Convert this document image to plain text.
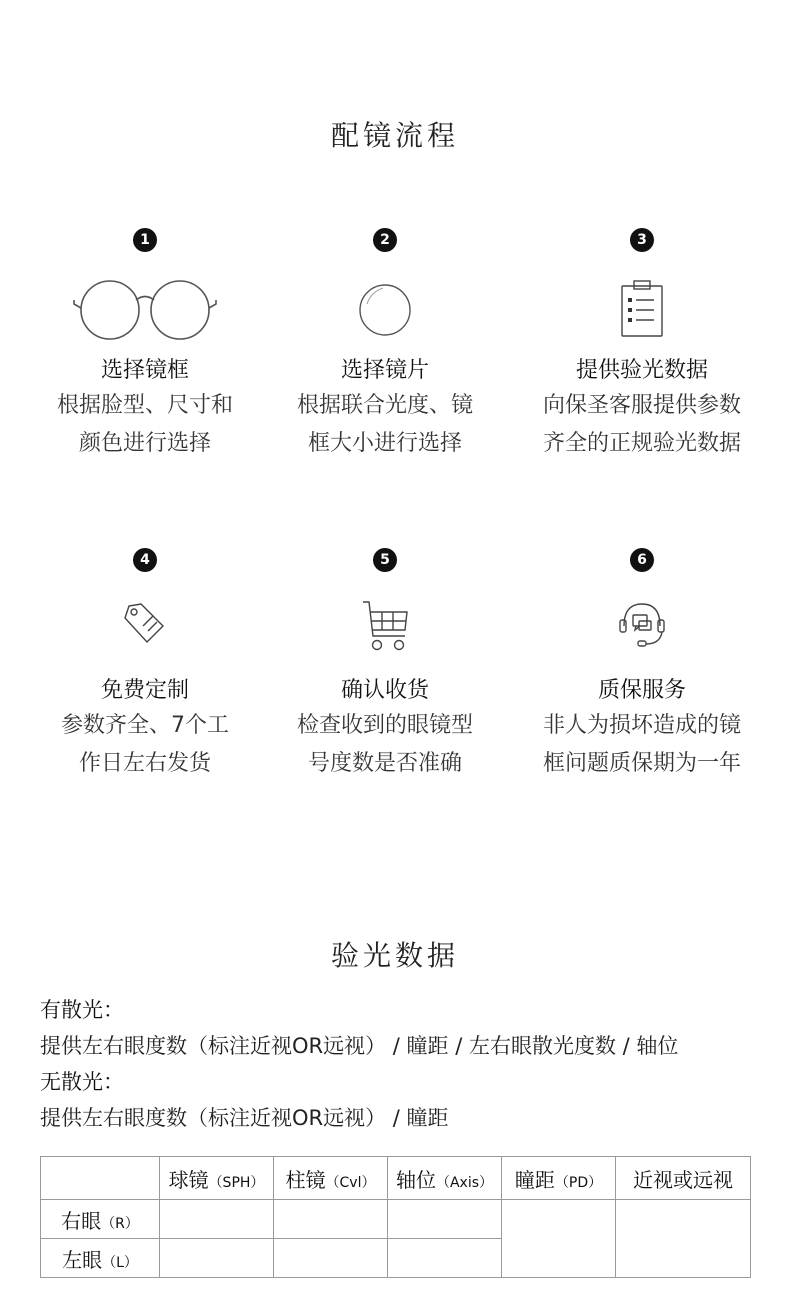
配镜流程
1
选择镜框
根据脸型、尺寸和
颜色进行选择
2
选择镜片
根据联合光度、镜
框大小进行选择
3
提供验光数据
向保圣客服提供参数
齐全的正规验光数据
4
免费定制
参数齐全、7个工
作日左右发货
5
确认收货
检查收到的眼镜型
号度数是否准确
6
质保服务
非人为损坏造成的镜
框问题质保期为一年
验光数据
有散光：
提供左右眼度数（标注近视OR远视） / 瞳距 / 左右眼散光度数 / 轴位
无散光：
提供左右眼度数（标注近视OR远视） / 瞳距
	球镜（SPH）	柱镜（Cvl）	轴位（Axis）	瞳距（PD）	近视或远视
右眼（R）					
左眼（L）					
